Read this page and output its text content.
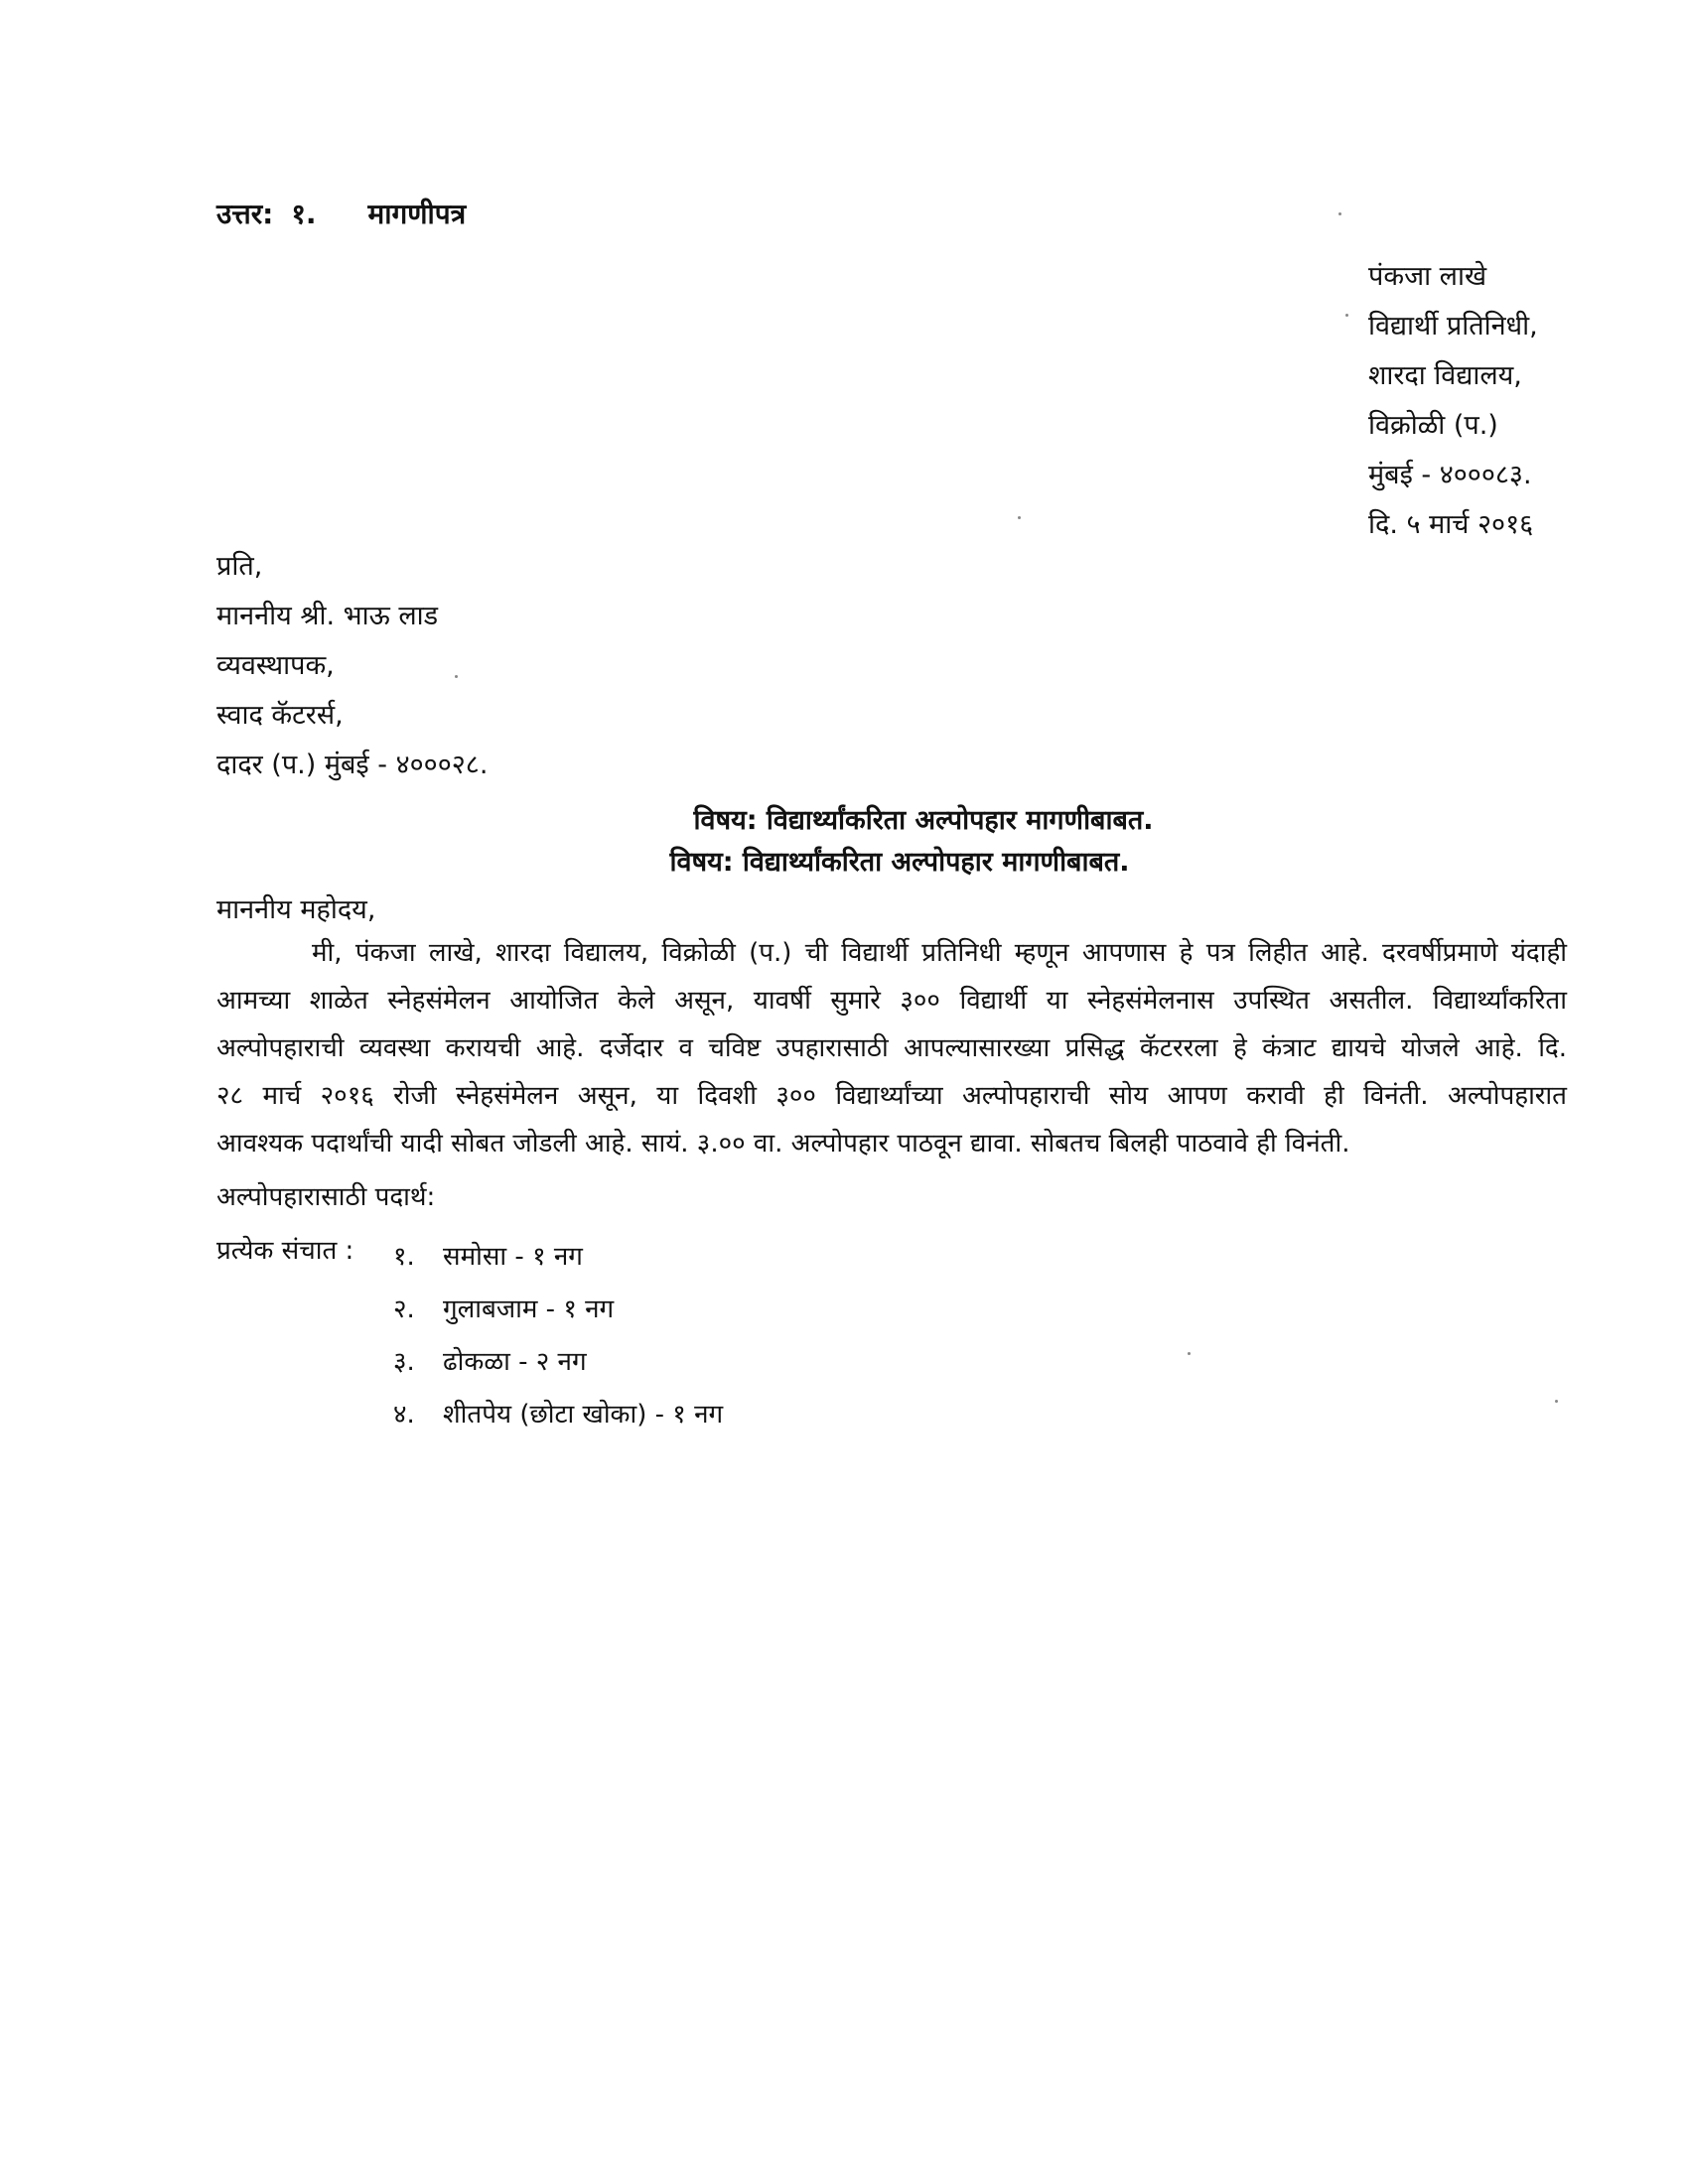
उत्तर: १. मागणीपत्र
पंकजा लाखे
विद्यार्थी प्रतिनिधी,
शारदा विद्यालय,
विक्रोळी (प.)
मुंबई - ४०००८३.
दि. ५ मार्च २०१६
प्रति,
माननीय श्री. भाऊ लाड
व्यवस्थापक,
स्वाद कॅटरर्स,
दादर (प.) मुंबई - ४०००२८.
विषय: विद्यार्थ्यांकरिता अल्पोपहार मागणीबाबत.
विषय: विद्यार्थ्यांकरिता अल्पोपहार मागणीबाबत.
माननीय महोदय,
मी, पंकजा लाखे, शारदा विद्यालय, विक्रोळी (प.) ची विद्यार्थी प्रतिनिधी म्हणून आपणास हे पत्र लिहीत आहे. दरवर्षीप्रमाणे यंदाही
आमच्या शाळेत स्नेहसंमेलन आयोजित केले असून, यावर्षी सुमारे ३०० विद्यार्थी या स्नेहसंमेलनास उपस्थित असतील. विद्यार्थ्यांकरिता
अल्पोपहाराची व्यवस्था करायची आहे. दर्जेदार व चविष्ट उपहारासाठी आपल्यासारख्या प्रसिद्ध कॅटररला हे कंत्राट द्यायचे योजले आहे. दि.
२८ मार्च २०१६ रोजी स्नेहसंमेलन असून, या दिवशी ३०० विद्यार्थ्यांच्या अल्पोपहाराची सोय आपण करावी ही विनंती. अल्पोपहारात
आवश्यक पदार्थांची यादी सोबत जोडली आहे. सायं. ३.०० वा. अल्पोपहार पाठवून द्यावा. सोबतच बिलही पाठवावे ही विनंती.
अल्पोपहारासाठी पदार्थ:
प्रत्येक संचात : १. समोसा - १ नग
२. गुलाबजाम - १ नग
३. ढोकळा - २ नग
४. शीतपेय (छोटा खोका) - १ नग
